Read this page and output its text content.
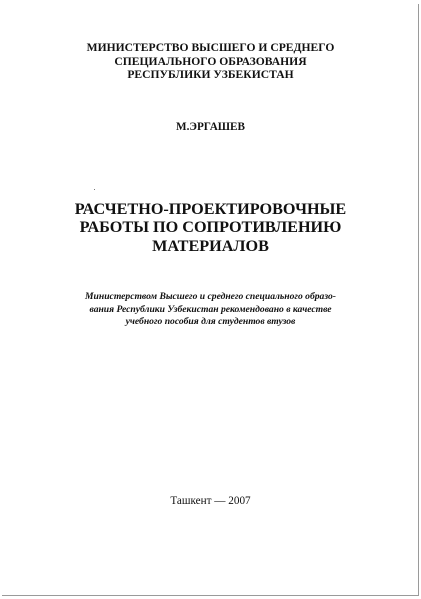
МИНИСТЕРСТВО ВЫСШЕГО И СРЕДНЕГО
СПЕЦИАЛЬНОГО ОБРАЗОВАНИЯ
РЕСПУБЛИКИ УЗБЕКИСТАН
М.ЭРГАШЕВ
РАСЧЕТНО-ПРОЕКТИРОВОЧНЫЕ
РАБОТЫ ПО СОПРОТИВЛЕНИЮ
МАТЕРИАЛОВ
Министерством Высшего и среднего специального образо-
вания Республики Узбекистан рекомендовано в качестве
учебного пособия для студентов втузов
Ташкент — 2007
